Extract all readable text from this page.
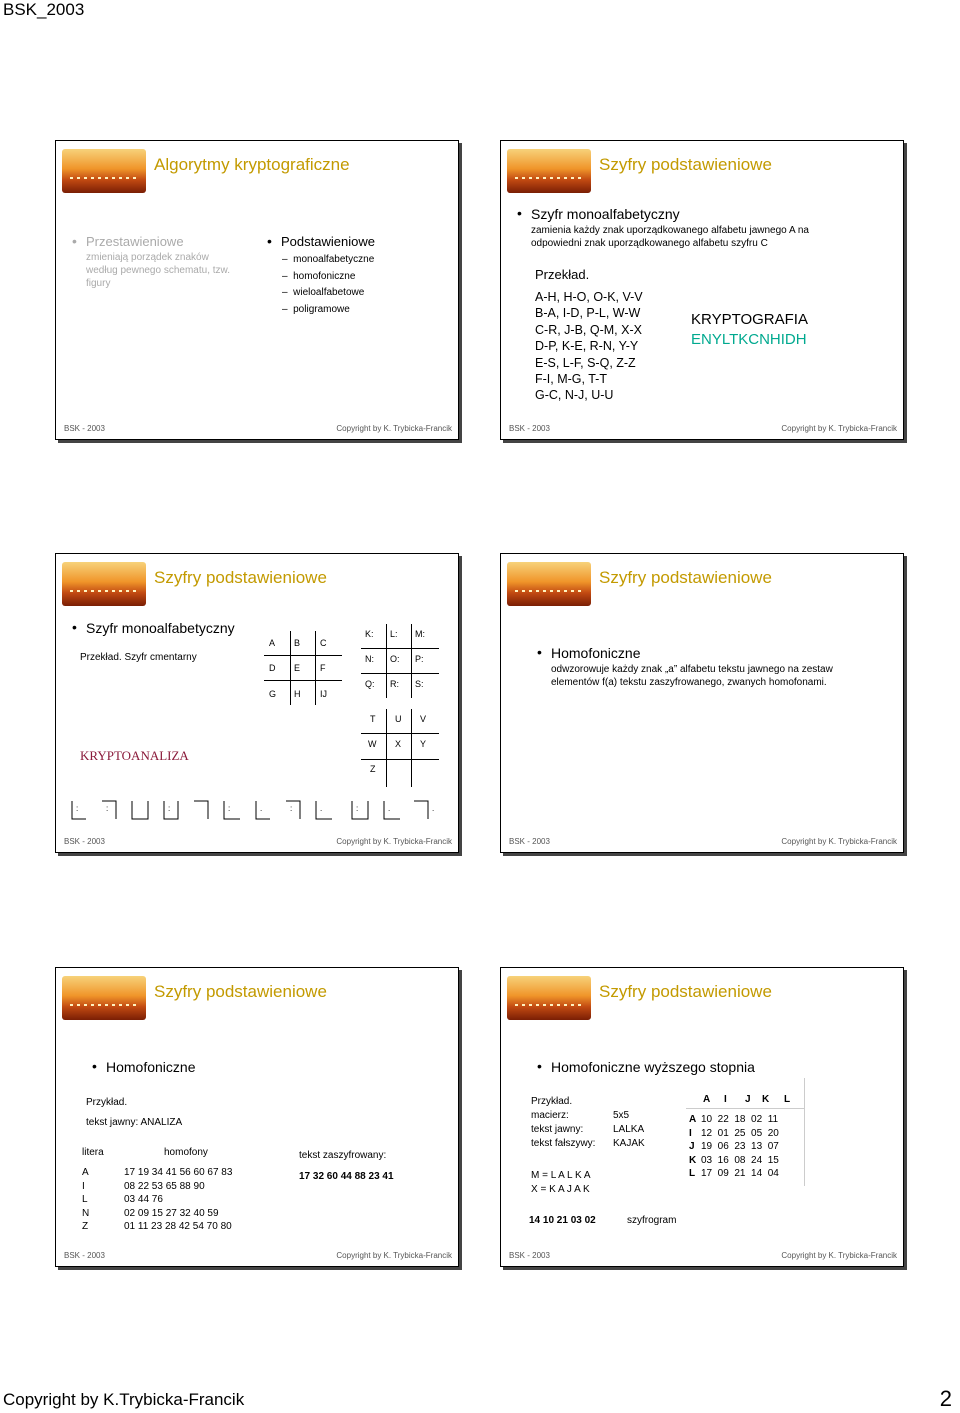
BSK_2003
Algorytmy kryptograficzne
• Przestawieniowe
zmieniają porządek znaków
według pewnego schematu, tzw.
figury
• Podstawieniowe
–  monoalfabetyczne
–  homofoniczne
–  wieloalfabetowe
–  poligramowe
BSK - 2003	Copyright by K. Trybicka-Francik
Szyfry podstawieniowe
• Szyfr monoalfabetyczny
zamienia każdy znak uporządkowanego alfabetu jawnego A na
odpowiedni znak uporządkowanego alfabetu szyfru C
Przekład.
A-H, H-O, O-K, V-V
B-A, I-D, P-L, W-W
C-R, J-B, Q-M, X-X
D-P, K-E, R-N, Y-Y
E-S, L-F, S-Q, Z-Z
F-I, M-G, T-T
G-C, N-J, U-U
KRYPTOGRAFIA
ENYLTKCNHIDH
BSK - 2003	Copyright by K. Trybicka-Francik
Szyfry podstawieniowe
• Szyfr monoalfabetyczny
Przekład. Szyfr cmentarny
A B C
D E F
G H IJ
K: L: M:
N: O: P:
Q: R: S:
T U V
W X Y
Z
KRYPTOANALIZA
:	:	:	:	.	:	.	:	.	.
BSK - 2003	Copyright by K. Trybicka-Francik
Szyfry podstawieniowe
• Homofoniczne
odwzorowuje każdy znak „a” alfabetu tekstu jawnego na zestaw
elementów f(a) tekstu zaszyfrowanego, zwanych homofonami.
BSK - 2003	Copyright by K. Trybicka-Francik
Szyfry podstawieniowe
• Homofoniczne
Przykład.
tekst jawny: ANALIZA
litera	homofony
A	17 19 34 41 56 60 67 83
I	08 22 53 65 88 90
L	03 44 76
N	02 09 15 27 32 40 59
Z	01 11 23 28 42 54 70 80
tekst zaszyfrowany:
17 32 60 44 88 23 41
BSK - 2003	Copyright by K. Trybicka-Francik
Szyfry podstawieniowe
• Homofoniczne wyższego stopnia
Przykład.
macierz:	5x5
tekst jawny:	LALKA
tekst fałszywy: KAJAK
M = L A L K A
X = K A J A K
14 10 21 03 02	szyfrogram
A I J K L
A 10  22  18  02  11
I 12  01  25  05  20
J 19  06  23  13  07
K 03  16  08  24  15
L 17  09  21  14  04
BSK - 2003	Copyright by K. Trybicka-Francik
Copyright by K.Trybicka-Francik	2
